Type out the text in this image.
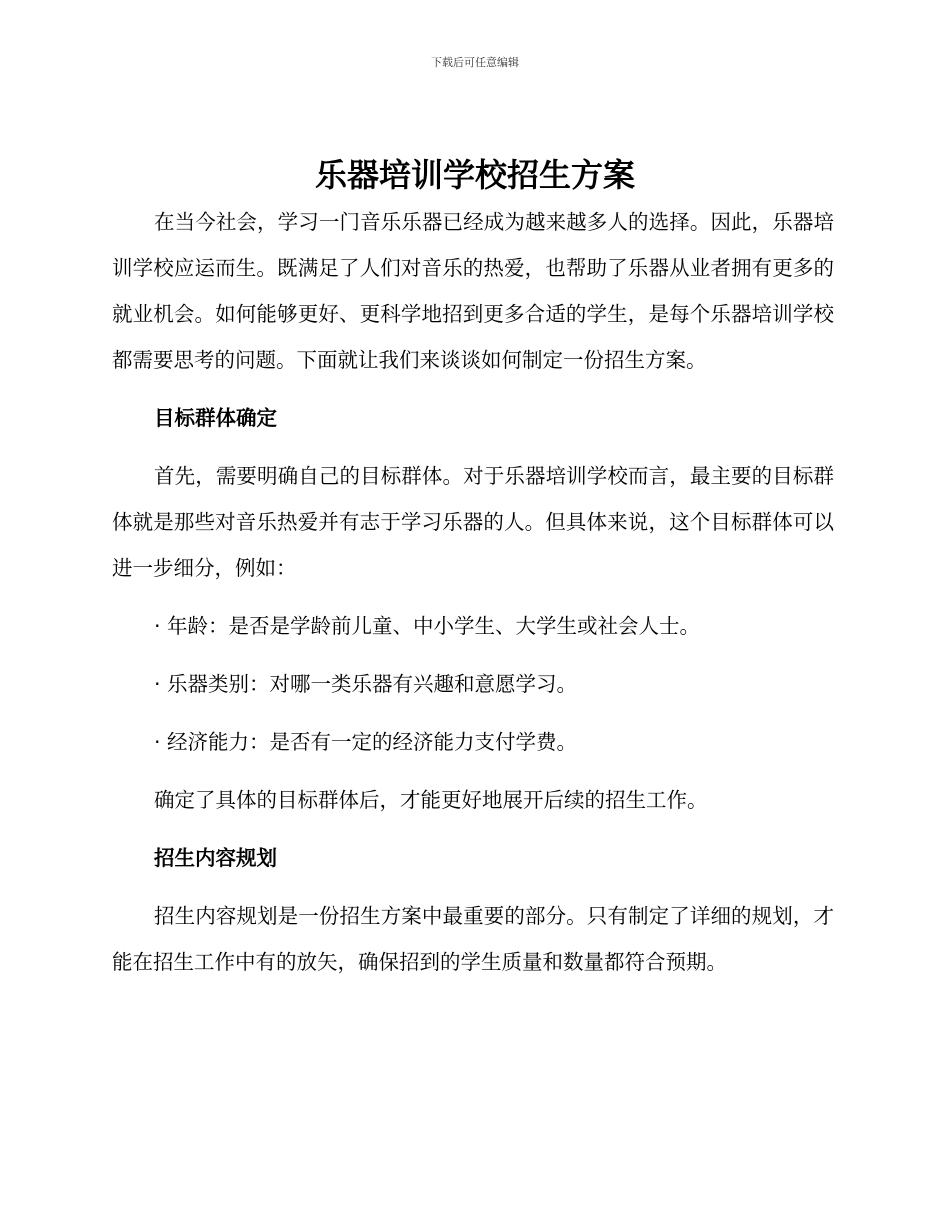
下载后可任意编辑
乐器培训学校招生方案

在当今社会，学习一门音乐乐器已经成为越来越多人的选择。因此，乐器培训学校应运而生。既满足了人们对音乐的热爱，也帮助了乐器从业者拥有更多的就业机会。如何能够更好、更科学地招到更多合适的学生，是每个乐器培训学校都需要思考的问题。下面就让我们来谈谈如何制定一份招生方案。

目标群体确定

首先，需要明确自己的目标群体。对于乐器培训学校而言，最主要的目标群体就是那些对音乐热爱并有志于学习乐器的人。但具体来说，这个目标群体可以进一步细分，例如：

· 年龄：是否是学龄前儿童、中小学生、大学生或社会人士。

· 乐器类别：对哪一类乐器有兴趣和意愿学习。

· 经济能力：是否有一定的经济能力支付学费。

确定了具体的目标群体后，才能更好地展开后续的招生工作。

招生内容规划

招生内容规划是一份招生方案中最重要的部分。只有制定了详细的规划，才能在招生工作中有的放矢，确保招到的学生质量和数量都符合预期。
